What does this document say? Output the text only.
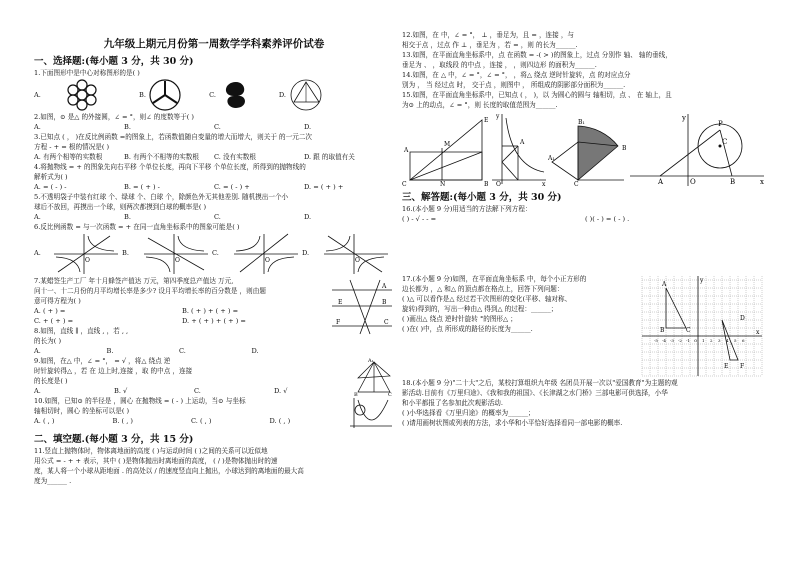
九年级上期元月份第一周数学学科素养评价试卷
一、选择题:(每小题 3 分，共 30 分)

1.下面图形中是中心对称图形的是( )

A.	B.	C.	D.

2.如图，⊙ 是△ 的外接圆，∠ = °，则∠ 的度数等于( )

A.	B.	C.	D.

3.已知点 ( ， )在反比例函数 =的图象上，若函数值随自变量的增大而增大，则关于 的一元二次

方程 - + = 根的情况是( )

A. 有两个相等的实数根	B. 有两个不相等的实数根	C. 没有实数根	D. 跟 的取值有关

4.将抛物线 = + 的图象先向右平移 个单位长度，再向下平移 个单位长度，所得到的抛物线的

解析式为( )

A. = ( - ) -	B. = ( + ) -	C. = ( - ) +	D. = ( + ) +

5.不透明袋子中装有红球 个、绿球 个、白球 个，除颜色外无其他差别. 随机摸出一个小

球后不放回，再摸出一个球，则两次都摸到白球的概率是( )

A.	B.	C.	D.

6.反比例函数 = 与一次函数 = + 在同一直角坐标系中的图象可能是( )

A.
O
B.
O
C.
O
D.
O

7.某蜡签生产工厂 年十月蜂签产值达 万元，第四季度总产值达 万元,

问十一、十二月份的月平均增长率是多少? 设月平均增长率的百分数是 ，则由题

意可得方程为( )

A. ( + ) =	B. ( + ) + ( + ) =
C. + ( + ) =	D. + ( + ) + ( + ) =

8.如图，直线 ∥ ，直线 , ，若 , ,

的长为( )

A
B
C
E
F
A.	B.	C.	D.

9.如图，在△ 中，∠ = °， = √ ，将△ 绕点 逆

时针旋转得△ ，若 在 边上时,连接 ，取 的中点 ，连接

的长度是( )

A.	B. √	C.	D. √
A₁
B	C

10.如图，已知⊙ 的半径是 ，圆心 在抛物线 = ( - ) 上运动，当⊙ 与坐标

轴相切时，圆心 的坐标可以是( )

A. ( , )	B. ( , )	C. ( , )	D. ( , )
二、填空题.(每小题 3 分，共 15 分)

11.竖直上抛物体时，物体离地面的高度 ( )与运动时间 ( )之间的关系可以近似地

用公式 = - + + 表示，其中 ( )是物体抛出时离地面的高度， ( / )是物体抛出时的速

度，某人将一个小球从距地面 . 的高处以 / 的速度竖直向上抛出，小球达到的离地面的最大高

度为______ .

12.如图，在 中，∠ = °， ⊥ ，垂足为，且 = ，连接 ，与

相交于点 ，过点 作 ⊥ ，垂足为 ，若 = ，则 的长为______.

13.如图，在平面直角坐标系中，点 在函数 = -( > )的图象上，过点 分别作 轴、 轴的垂线，

垂足为 、 ，取线段 的中点 ，连接 ， ，则四边形 的面积为______.

14.如图，在 △ 中，∠ = °，∠ = °， ，将△ 绕点 逆时针旋转，点 的对应点分

别为 ， 当 经过点 时， 交于点 ，则图中 ， 所组成的阴影部分面积为______.

15.如图，在平面直角坐标系中，已知点 ( ， )，以 为圆心的圆与 轴相切，点 、 在 轴上，且

为⊙ 上的动点，∠ = °，则 长度的取值范围为______.

A
C	N	B
M
E
y
O	x
A
A₁
C
B₁
B
y
P
C
A	O	B	x
三、解答题:(每小题 3 分，共 30 分)

16.(本小题 9 分)用适当的方法解下列方程：

( ) - √ - - =	( )( - ) = ( - ) .

17.(本小题 9 分)如图，在平面直角坐标系 中，每个小正方形的

边长都为 ，△ 和△ 的顶点都在格点上，回答下列问题：

( )△ 可以看作是△ 经过若干次图形的变化(平移、轴对称、

旋转)得到的，写出一种由△ 得到△ 的过程：______；

( )画出△ 绕点 逆时针旋转 °的图形△ ；

( )在( )中，点 所形成的路径的长度为______.

A
B	C
D
E F
y
x
-5 -4 -3 -2 -1 O 1 2 3 4 5 6

18.(本小题 9 分)"二十大"之后，某校打算组织九年级 名团员开展一次以"爱国教育"为主题的观

影活动.目前有《万里归途》、《我和我的祖国》、《长津湖之水门桥》三部电影可供选择，小华

和小平都报了名参加此次观影活动.

( )小华选择看《万里归途》的概率为______；

( )请用画树状图或列表的方法，求小华和小平恰好选择看同一部电影的概率.
